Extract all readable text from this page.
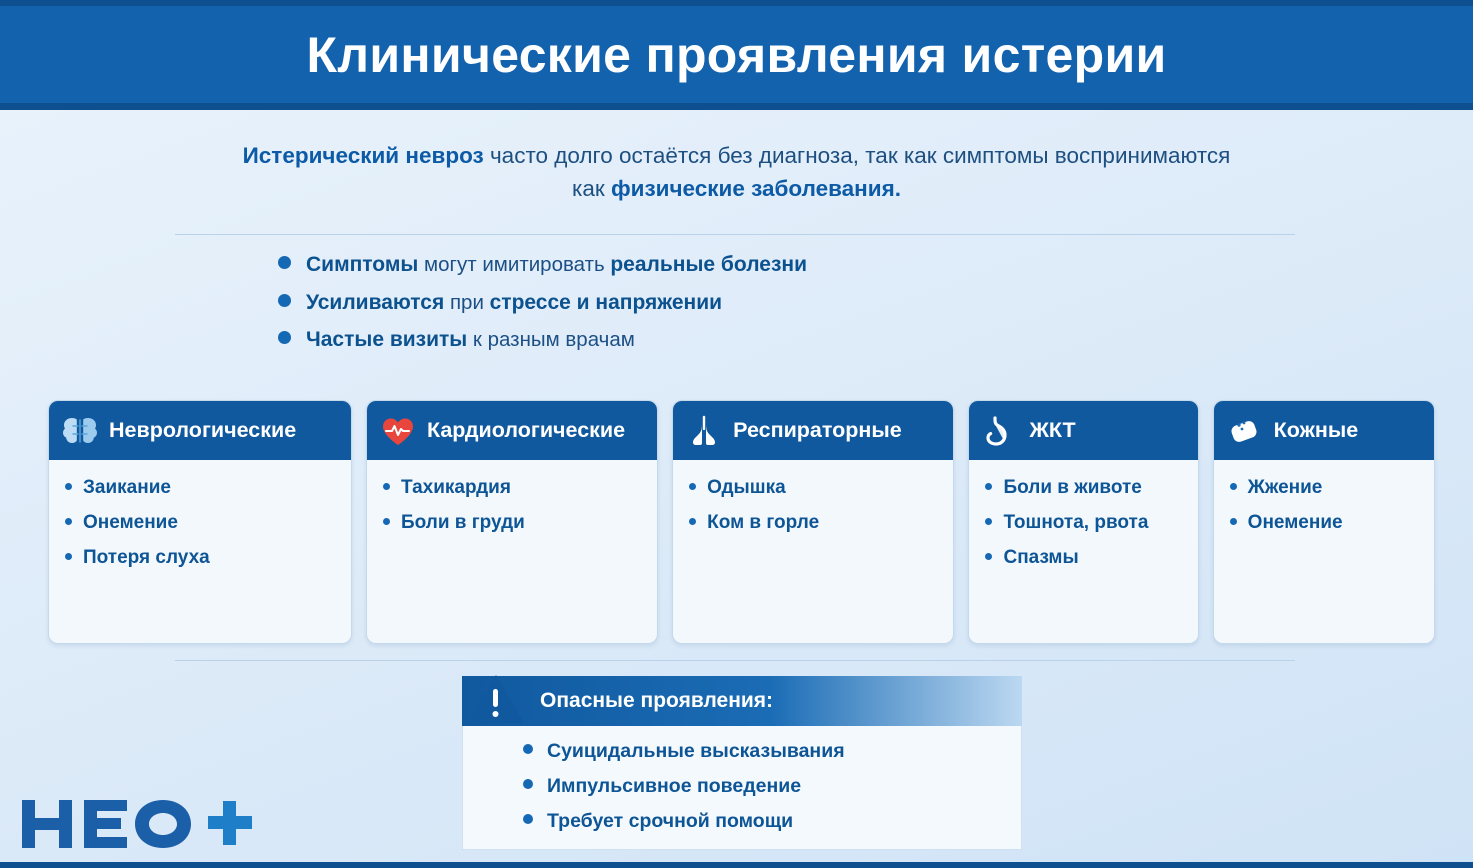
Клинические проявления истерии
Истерический невроз часто долго остаётся без диагноза, так как симптомы воспринимаются
как физические заболевания.
Симптомы могут имитировать реальные болезни
Усиливаются при стрессе и напряжении
Частые визиты к разным врачам
Неврологические
Заикание
Онемение
Потеря слуха
Кардиологические
Тахикардия
Боли в груди
Респираторные
Одышка
Ком в горле
ЖКТ
Боли в животе
Тошнота, рвота
Спазмы
Кожные
Жжение
Онемение
Опасные проявления:
Суицидальные высказывания
Импульсивное поведение
Требует срочной помощи
